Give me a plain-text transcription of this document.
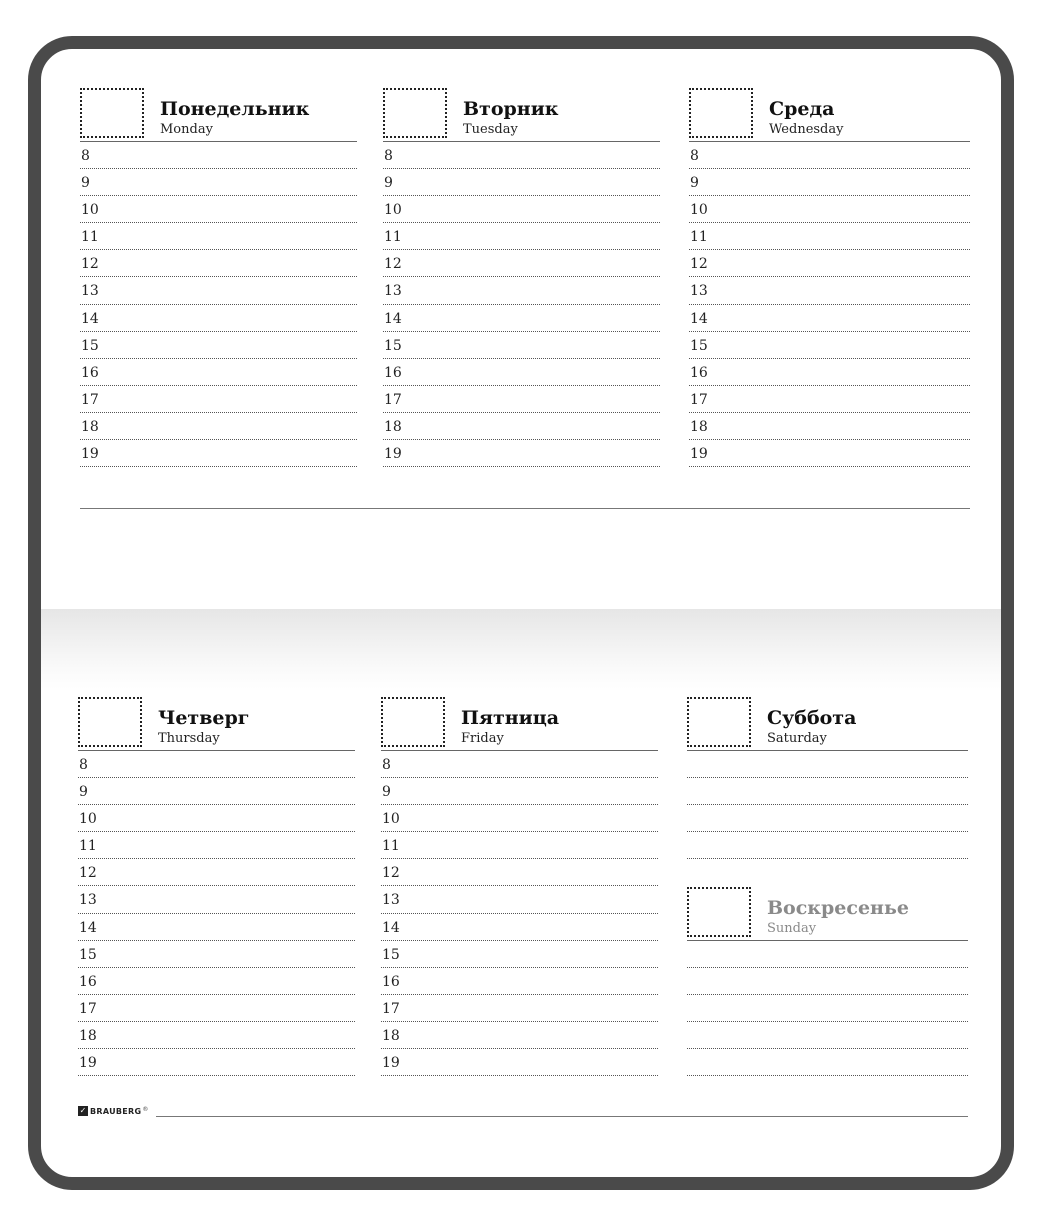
Понедельник
Monday
8
9
10
11
12
13
14
15
16
17
18
19
Вторник
Tuesday
8
9
10
11
12
13
14
15
16
17
18
19
Среда
Wednesday
8
9
10
11
12
13
14
15
16
17
18
19
Четверг
Thursday
8
9
10
11
12
13
14
15
16
17
18
19
Пятница
Friday
8
9
10
11
12
13
14
15
16
17
18
19
Суббота
Saturday
Воскресенье
Sunday
✓ BRAUBERG ®
